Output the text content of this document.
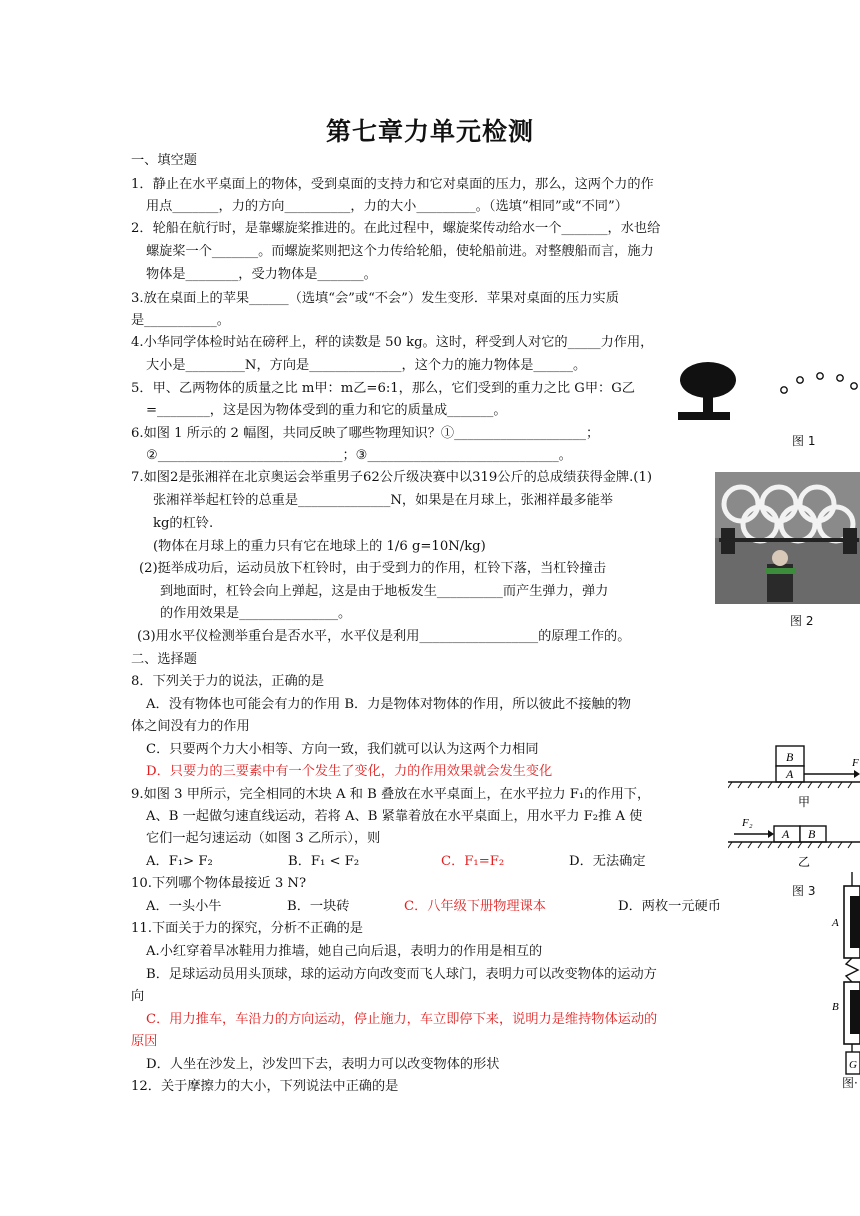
第七章力单元检测
一、填空题
1．静止在水平桌面上的物体，受到桌面的支持力和它对桌面的压力，那么，这两个力的作
用点_______，力的方向__________，力的大小_________。（选填“相同”或“不同”）
2．轮船在航行时，是靠螺旋桨推进的。在此过程中，螺旋桨传动给水一个_______，水也给
螺旋桨一个_______。而螺旋桨则把这个力传给轮船，使轮船前进。对整艘船而言，施力
物体是________，受力物体是_______。
3.放在桌面上的苹果______（选填“会”或“不会”）发生变形．苹果对桌面的压力实质
是___________。
4.小华同学体检时站在磅秤上，秤的读数是 50 kg。这时，秤受到人对它的_____力作用，
大小是_________N，方向是______________，这个力的施力物体是______。
5．甲、乙两物体的质量之比 m甲：m乙=6:1，那么，它们受到的重力之比 G甲：G乙
=________，这是因为物体受到的重力和它的质量成_______。
6.如图 1 所示的 2 幅图，共同反映了哪些物理知识？①____________________；
②____________________________；③_____________________________。
7.如图2是张湘祥在北京奥运会举重男子62公斤级决赛中以319公斤的总成绩获得金牌.(1)
张湘祥举起杠铃的总重是______________N，如果是在月球上，张湘祥最多能举
kg的杠铃.
(物体在月球上的重力只有它在地球上的 1/6 g=10N/kg)
(2)挺举成功后，运动员放下杠铃时，由于受到力的作用，杠铃下落，当杠铃撞击
到地面时，杠铃会向上弹起，这是由于地板发生__________而产生弹力，弹力
的作用效果是_______________。
(3)用水平仪检测举重台是否水平，水平仪是利用__________________的原理工作的。
二、选择题
8．下列关于力的说法，正确的是
A．没有物体也可能会有力的作用 B．力是物体对物体的作用，所以彼此不接触的物
体之间没有力的作用
C．只要两个力大小相等、方向一致，我们就可以认为这两个力相同
D．只要力的三要素中有一个发生了变化，力的作用效果就会发生变化
9.如图 3 甲所示，完全相同的木块 A 和 B 叠放在水平桌面上，在水平拉力 F₁的作用下，
A、B 一起做匀速直线运动，若将 A、B 紧靠着放在水平桌面上，用水平力 F₂推 A 使
它们一起匀速运动（如图 3 乙所示），则
A．F₁> F₂	B．F₁ < F₂	C．F₁=F₂	D．无法确定
10.下列哪个物体最接近 3 N?
A．一头小牛	B．一块砖	C．八年级下册物理课本	D．两枚一元硬币
11.下面关于力的探究，分析不正确的是
A.小红穿着旱冰鞋用力推墙，她自己向后退，表明力的作用是相互的
B．足球运动员用头顶球，球的运动方向改变而飞人球门，表明力可以改变物体的运动方
向
C．用力推车，车沿力的方向运动，停止施力，车立即停下来，说明力是维持物体运动的
原因
D．人坐在沙发上，沙发凹下去，表明力可以改变物体的形状
12．关于摩擦力的大小，下列说法中正确的是
图 1
图 2
B
A
F
甲
F₂
A B
乙
图 3
A
B
G
图·
